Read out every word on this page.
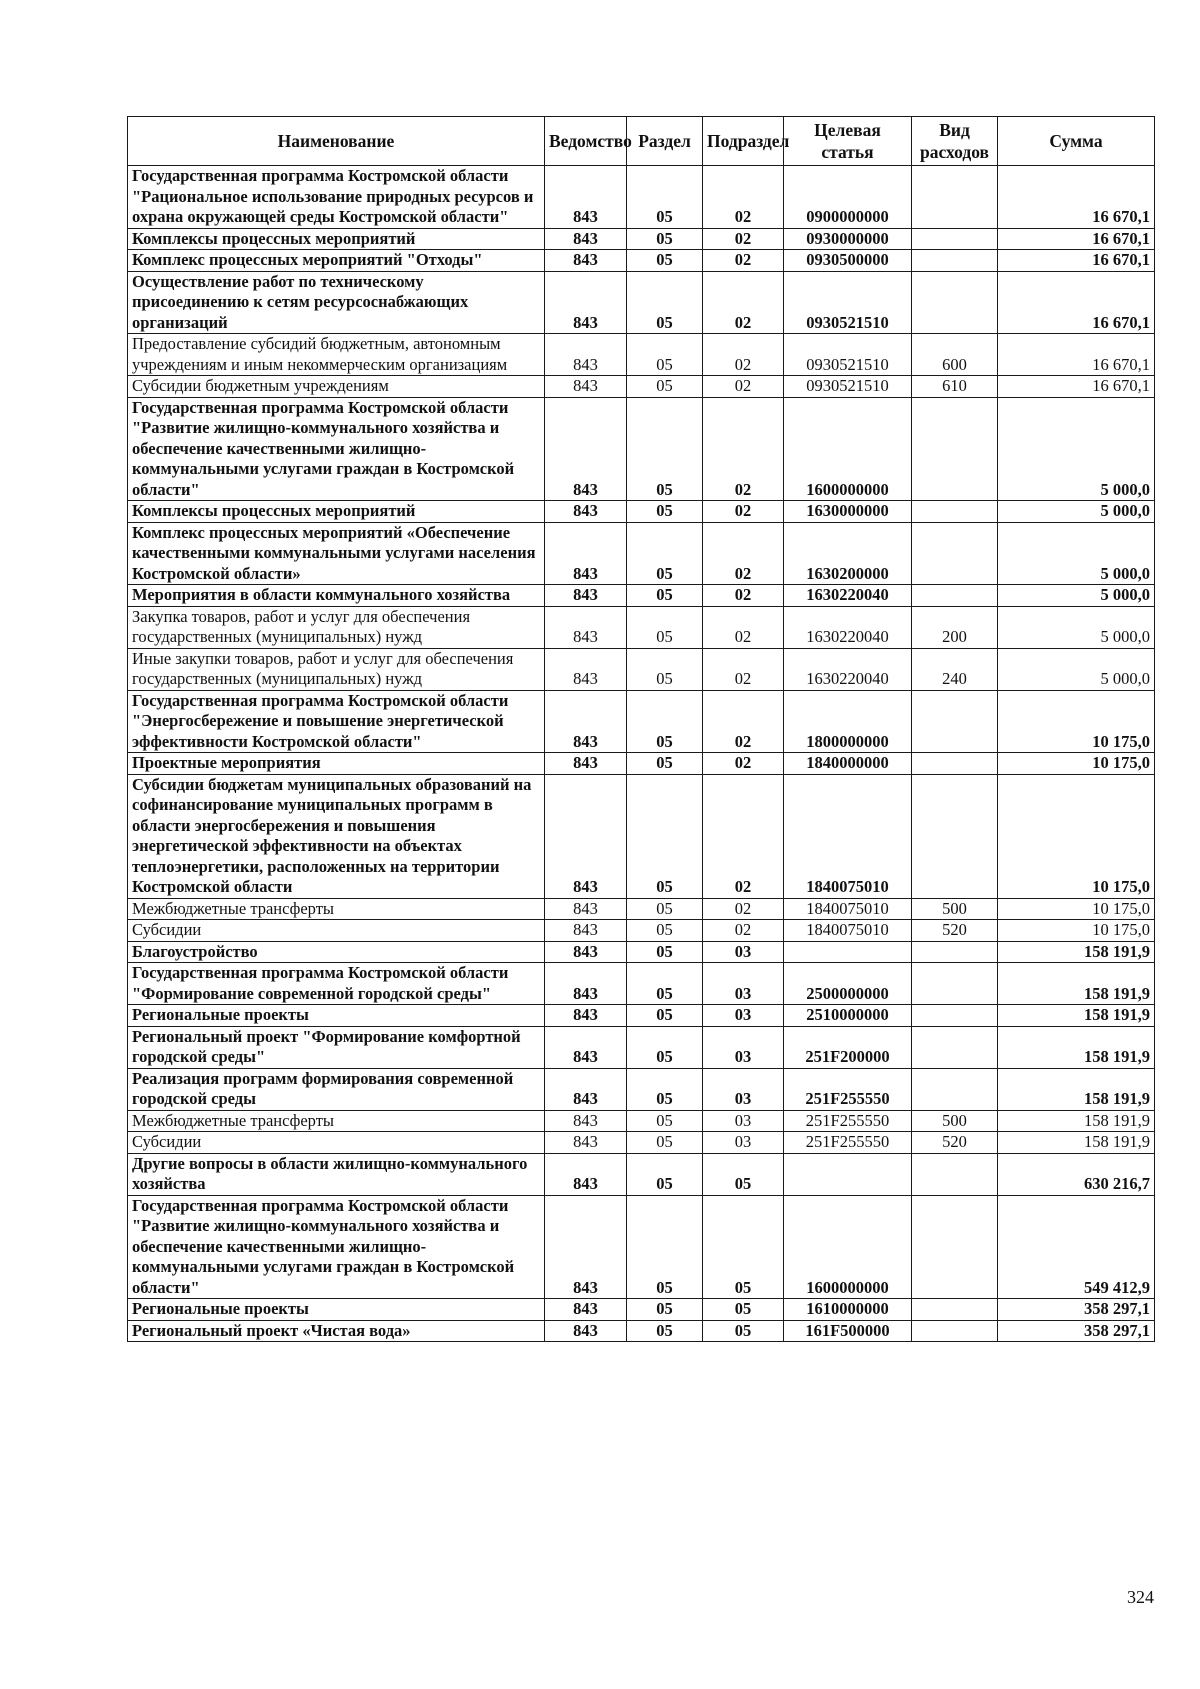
Наименование	Ведомство	Раздел	Подраздел	Целевая статья	Вид расходов	Сумма
Государственная программа Костромской области "Рациональное использование природных ресурсов и охрана окружающей среды Костромской области"	843	05	02	0900000000		16 670,1
Комплексы процессных мероприятий	843	05	02	0930000000		16 670,1
Комплекс процессных мероприятий "Отходы"	843	05	02	0930500000		16 670,1
Осуществление работ по техническому присоединению к сетям ресурсоснабжающих организаций	843	05	02	0930521510		16 670,1
Предоставление субсидий бюджетным, автономным учреждениям и иным некоммерческим организациям	843	05	02	0930521510	600	16 670,1
Субсидии бюджетным учреждениям	843	05	02	0930521510	610	16 670,1
Государственная программа Костромской области "Развитие жилищно-коммунального хозяйства и обеспечение качественными жилищно-коммунальными услугами граждан в Костромской области"	843	05	02	1600000000		5 000,0
Комплексы процессных мероприятий	843	05	02	1630000000		5 000,0
Комплекс процессных мероприятий «Обеспечение качественными коммунальными услугами населения Костромской области»	843	05	02	1630200000		5 000,0
Мероприятия в области коммунального хозяйства	843	05	02	1630220040		5 000,0
Закупка товаров, работ и услуг для обеспечения государственных (муниципальных) нужд	843	05	02	1630220040	200	5 000,0
Иные закупки товаров, работ и услуг для обеспечения государственных (муниципальных) нужд	843	05	02	1630220040	240	5 000,0
Государственная программа Костромской области "Энергосбережение и повышение энергетической эффективности Костромской области"	843	05	02	1800000000		10 175,0
Проектные мероприятия	843	05	02	1840000000		10 175,0
Субсидии бюджетам муниципальных образований на софинансирование муниципальных программ в области энергосбережения и повышения энергетической эффективности на объектах теплоэнергетики, расположенных на территории Костромской области	843	05	02	1840075010		10 175,0
Межбюджетные трансферты	843	05	02	1840075010	500	10 175,0
Субсидии	843	05	02	1840075010	520	10 175,0
Благоустройство	843	05	03			158 191,9
Государственная программа Костромской области "Формирование современной городской среды"	843	05	03	2500000000		158 191,9
Региональные проекты	843	05	03	2510000000		158 191,9
Региональный проект "Формирование комфортной городской среды"	843	05	03	251F200000		158 191,9
Реализация программ формирования современной городской среды	843	05	03	251F255550		158 191,9
Межбюджетные трансферты	843	05	03	251F255550	500	158 191,9
Субсидии	843	05	03	251F255550	520	158 191,9
Другие вопросы в области жилищно-коммунального хозяйства	843	05	05			630 216,7
Государственная программа Костромской области "Развитие жилищно-коммунального хозяйства и обеспечение качественными жилищно-коммунальными услугами граждан в Костромской области"	843	05	05	1600000000		549 412,9
Региональные проекты	843	05	05	1610000000		358 297,1
Региональный проект «Чистая вода»	843	05	05	161F500000		358 297,1
324
